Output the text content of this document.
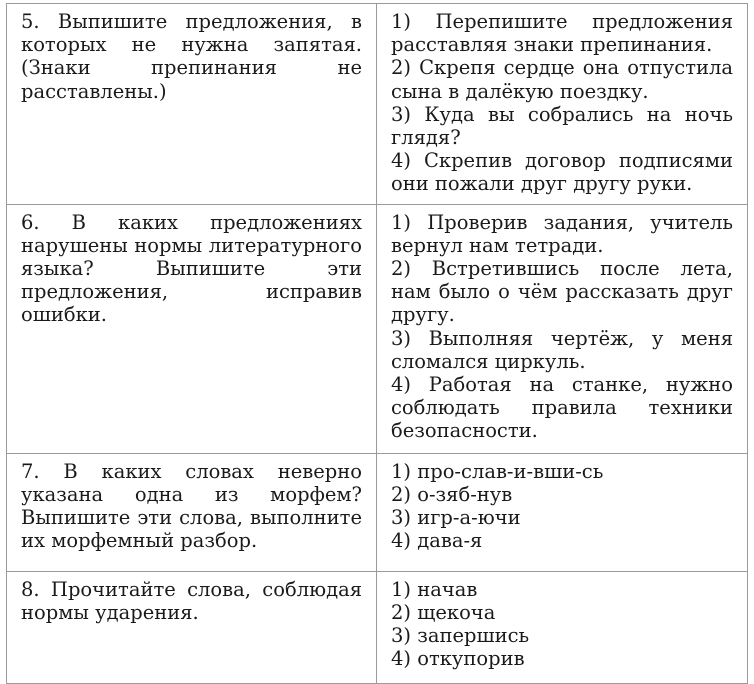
5. Выпишите предложения, в которых не нужна запятая. (Знаки препинания не расставлены.)	1) Перепишите предложения расставляя знаки препинания.
2) Скрепя сердце она отпустила сына в далёкую поездку.
3) Куда вы собрались на ночь глядя?
4) Скрепив договор подписями они пожали друг другу руки.

6. В каких предложениях нарушены нормы литературного языка? Выпишите эти предложения, исправив ошибки.	1) Проверив задания, учитель вернул нам тетради.
2) Встретившись после лета, нам было о чём рассказать друг другу.
3) Выполняя чертёж, у меня сломался циркуль.
4) Работая на станке, нужно соблюдать правила техники безопасности.

7. В каких словах неверно указана одна из морфем? Выпишите эти слова, выполните их морфемный разбор.	1) про-слав-и-вши-сь
2) о-зяб-нув
3) игр-а-ючи
4) дава-я

8. Прочитайте слова, соблюдая нормы ударения.	1) начав
2) щекоча
3) запершись
4) откупорив
